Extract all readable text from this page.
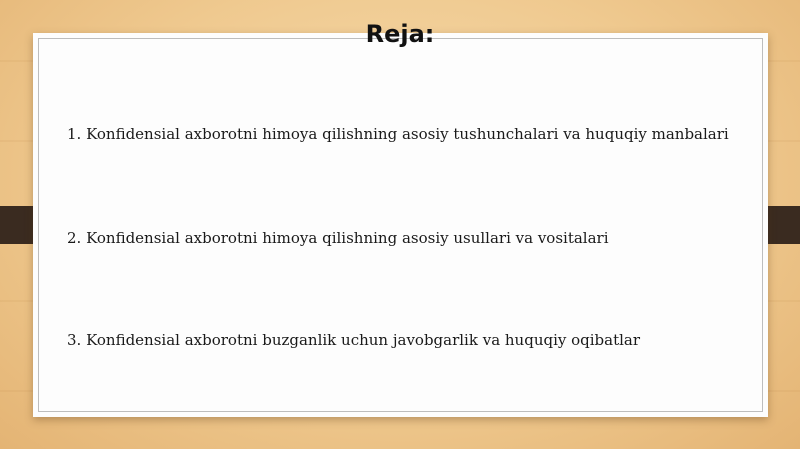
Reja:
1. Konfidensial axborotni himoya qilishning asosiy tushunchalari va huquqiy manbalari
2. Konfidensial axborotni himoya qilishning asosiy usullari va vositalari
3. Konfidensial axborotni buzganlik uchun javobgarlik va huquqiy oqibatlar
